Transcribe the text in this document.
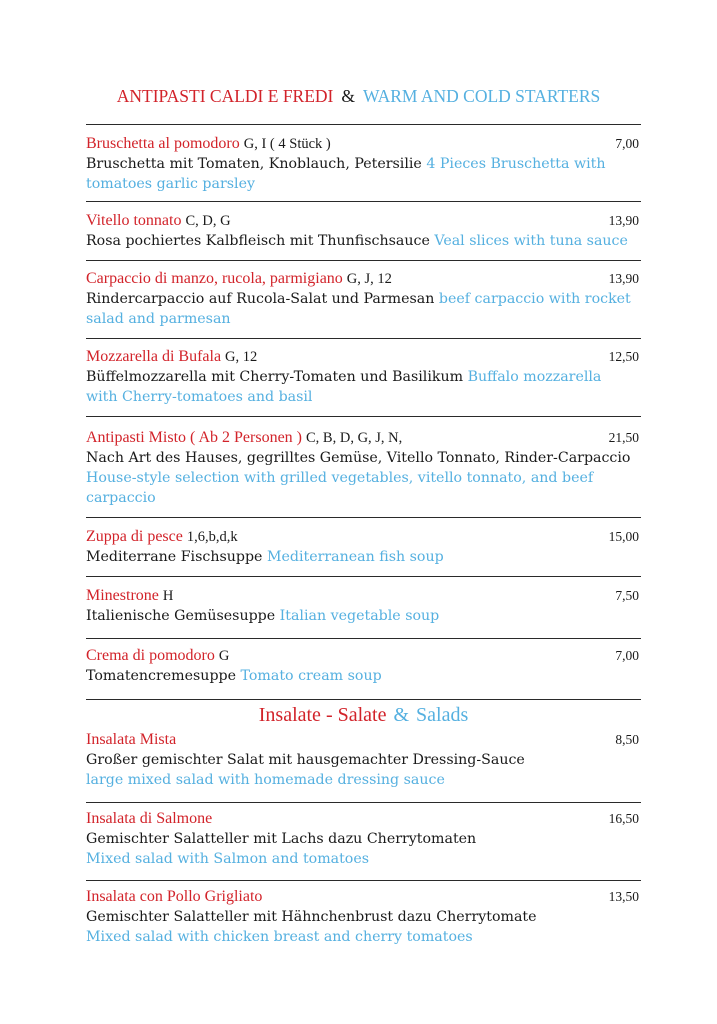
ANTIPASTI CALDI E FREDI & WARM AND COLD STARTERS
Bruschetta al pomodoro G, I ( 4 Stück )	7,00
Bruschetta mit Tomaten, Knoblauch, Petersilie 4 Pieces Bruschetta with tomatoes garlic parsley
Vitello tonnato C, D, G	13,90
Rosa pochiertes Kalbfleisch mit Thunfischsauce Veal slices with tuna sauce
Carpaccio di manzo, rucola, parmigiano G, J, 12	13,90
Rindercarpaccio auf Rucola-Salat und Parmesan beef carpaccio with rocket salad and parmesan
Mozzarella di Bufala G, 12	12,50
Büffelmozzarella mit Cherry-Tomaten und Basilikum Buffalo mozzarella with Cherry-tomatoes and basil
Antipasti Misto ( Ab 2 Personen ) C, B, D, G, J, N,	21,50
Nach Art des Hauses, gegrilltes Gemüse, Vitello Tonnato, Rinder-Carpaccio House-style selection with grilled vegetables, vitello tonnato, and beef carpaccio
Zuppa di pesce 1,6,b,d,k	15,00
Mediterrane Fischsuppe Mediterranean fish soup
Minestrone H	7,50
Italienische Gemüsesuppe Italian vegetable soup
Crema di pomodoro G	7,00
Tomatencremesuppe Tomato cream soup
Insalate - Salate & Salads
Insalata Mista	8,50
Großer gemischter Salat mit hausgemachter Dressing-Sauce
large mixed salad with homemade dressing sauce
Insalata di Salmone	16,50
Gemischter Salatteller mit Lachs dazu Cherrytomaten
Mixed salad with Salmon and tomatoes
Insalata con Pollo Grigliato	13,50
Gemischter Salatteller mit Hähnchenbrust dazu Cherrytomate
Mixed salad with chicken breast and cherry tomatoes
